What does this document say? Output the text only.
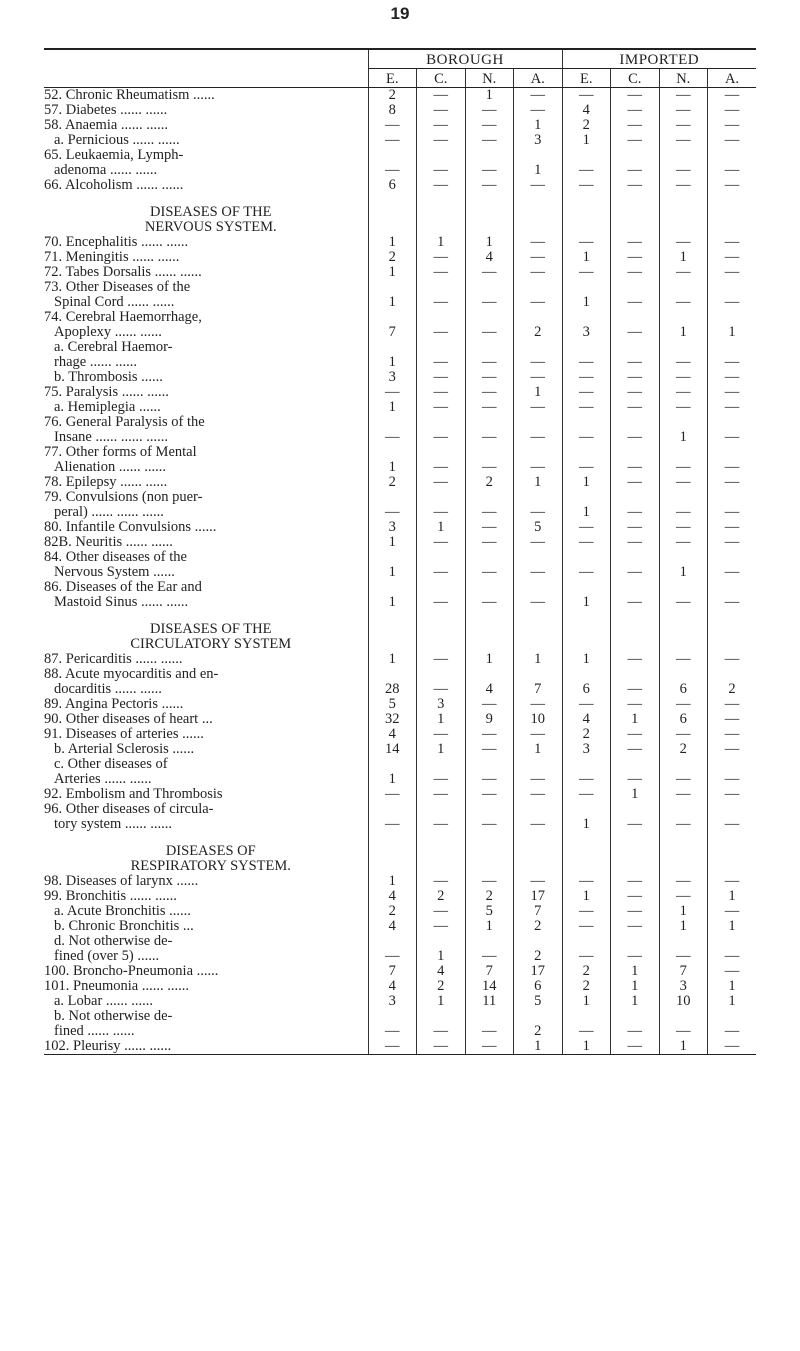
19
	BOROUGH				IMPORTED			
	E.	C.	N.	A.	E.	C.	N.	A.
52. Chronic Rheumatism ......	2	—	1	—	—	—	—	—
57. Diabetes ...... ......	8	—	—	—	4	—	—	—
58. Anaemia ...... ......	—	—	—	1	2	—	—	—
a. Pernicious ...... ......	—	—	—	3	1	—	—	—
65. Leukaemia, Lymph-								
adenoma ...... ......	—	—	—	1	—	—	—	—
66. Alcoholism ...... ......	6	—	—	—	—	—	—	—

DISEASES OF THE								
NERVOUS SYSTEM.								
70. Encephalitis ...... ......	1	1	1	—	—	—	—	—
71. Meningitis ...... ......	2	—	4	—	1	—	1	—
72. Tabes Dorsalis ...... ......	1	—	—	—	—	—	—	—
73. Other Diseases of the								
Spinal Cord ...... ......	1	—	—	—	1	—	—	—
74. Cerebral Haemorrhage,								
Apoplexy ...... ......	7	—	—	2	3	—	1	1
a. Cerebral Haemor-								
rhage ...... ......	1	—	—	—	—	—	—	—
b. Thrombosis ......	3	—	—	—	—	—	—	—
75. Paralysis ...... ......	—	—	—	1	—	—	—	—
a. Hemiplegia ......	1	—	—	—	—	—	—	—
76. General Paralysis of the								
Insane ...... ...... ......	—	—	—	—	—	—	1	—
77. Other forms of Mental								
Alienation ...... ......	1	—	—	—	—	—	—	—
78. Epilepsy ...... ......	2	—	2	1	1	—	—	—
79. Convulsions (non puer-								
peral) ...... ...... ......	—	—	—	—	1	—	—	—
80. Infantile Convulsions ......	3	1	—	5	—	—	—	—
82B. Neuritis ...... ......	1	—	—	—	—	—	—	—
84. Other diseases of the								
Nervous System ......	1	—	—	—	—	—	1	—
86. Diseases of the Ear and								
Mastoid Sinus ...... ......	1	—	—	—	1	—	—	—

DISEASES OF THE								
CIRCULATORY SYSTEM								
87. Pericarditis ...... ......	1	—	1	1	1	—	—	—
88. Acute myocarditis and en-								
docarditis ...... ......	28	—	4	7	6	—	6	2
89. Angina Pectoris ......	5	3	—	—	—	—	—	—
90. Other diseases of heart ...	32	1	9	10	4	1	6	—
91. Diseases of arteries ......	4	—	—	—	2	—	—	—
b. Arterial Sclerosis ......	14	1	—	1	3	—	2	—
c. Other diseases of								
Arteries ...... ......	1	—	—	—	—	—	—	—
92. Embolism and Thrombosis	—	—	—	—	—	1	—	—
96. Other diseases of circula-								
tory system ...... ......	—	—	—	—	1	—	—	—

DISEASES OF								
RESPIRATORY SYSTEM.								
98. Diseases of larynx ......	1	—	—	—	—	—	—	—
99. Bronchitis ...... ......	4	2	2	17	1	—	—	1
a. Acute Bronchitis ......	2	—	5	7	—	—	1	—
b. Chronic Bronchitis ...	4	—	1	2	—	—	1	1
d. Not otherwise de-								
fined (over 5) ......	—	1	—	2	—	—	—	—
100. Broncho-Pneumonia ......	7	4	7	17	2	1	7	—
101. Pneumonia ...... ......	4	2	14	6	2	1	3	1
a. Lobar ...... ......	3	1	11	5	1	1	10	1
b. Not otherwise de-								
fined ...... ......	—	—	—	2	—	—	—	—
102. Pleurisy ...... ......	—	—	—	1	1	—	1	—
